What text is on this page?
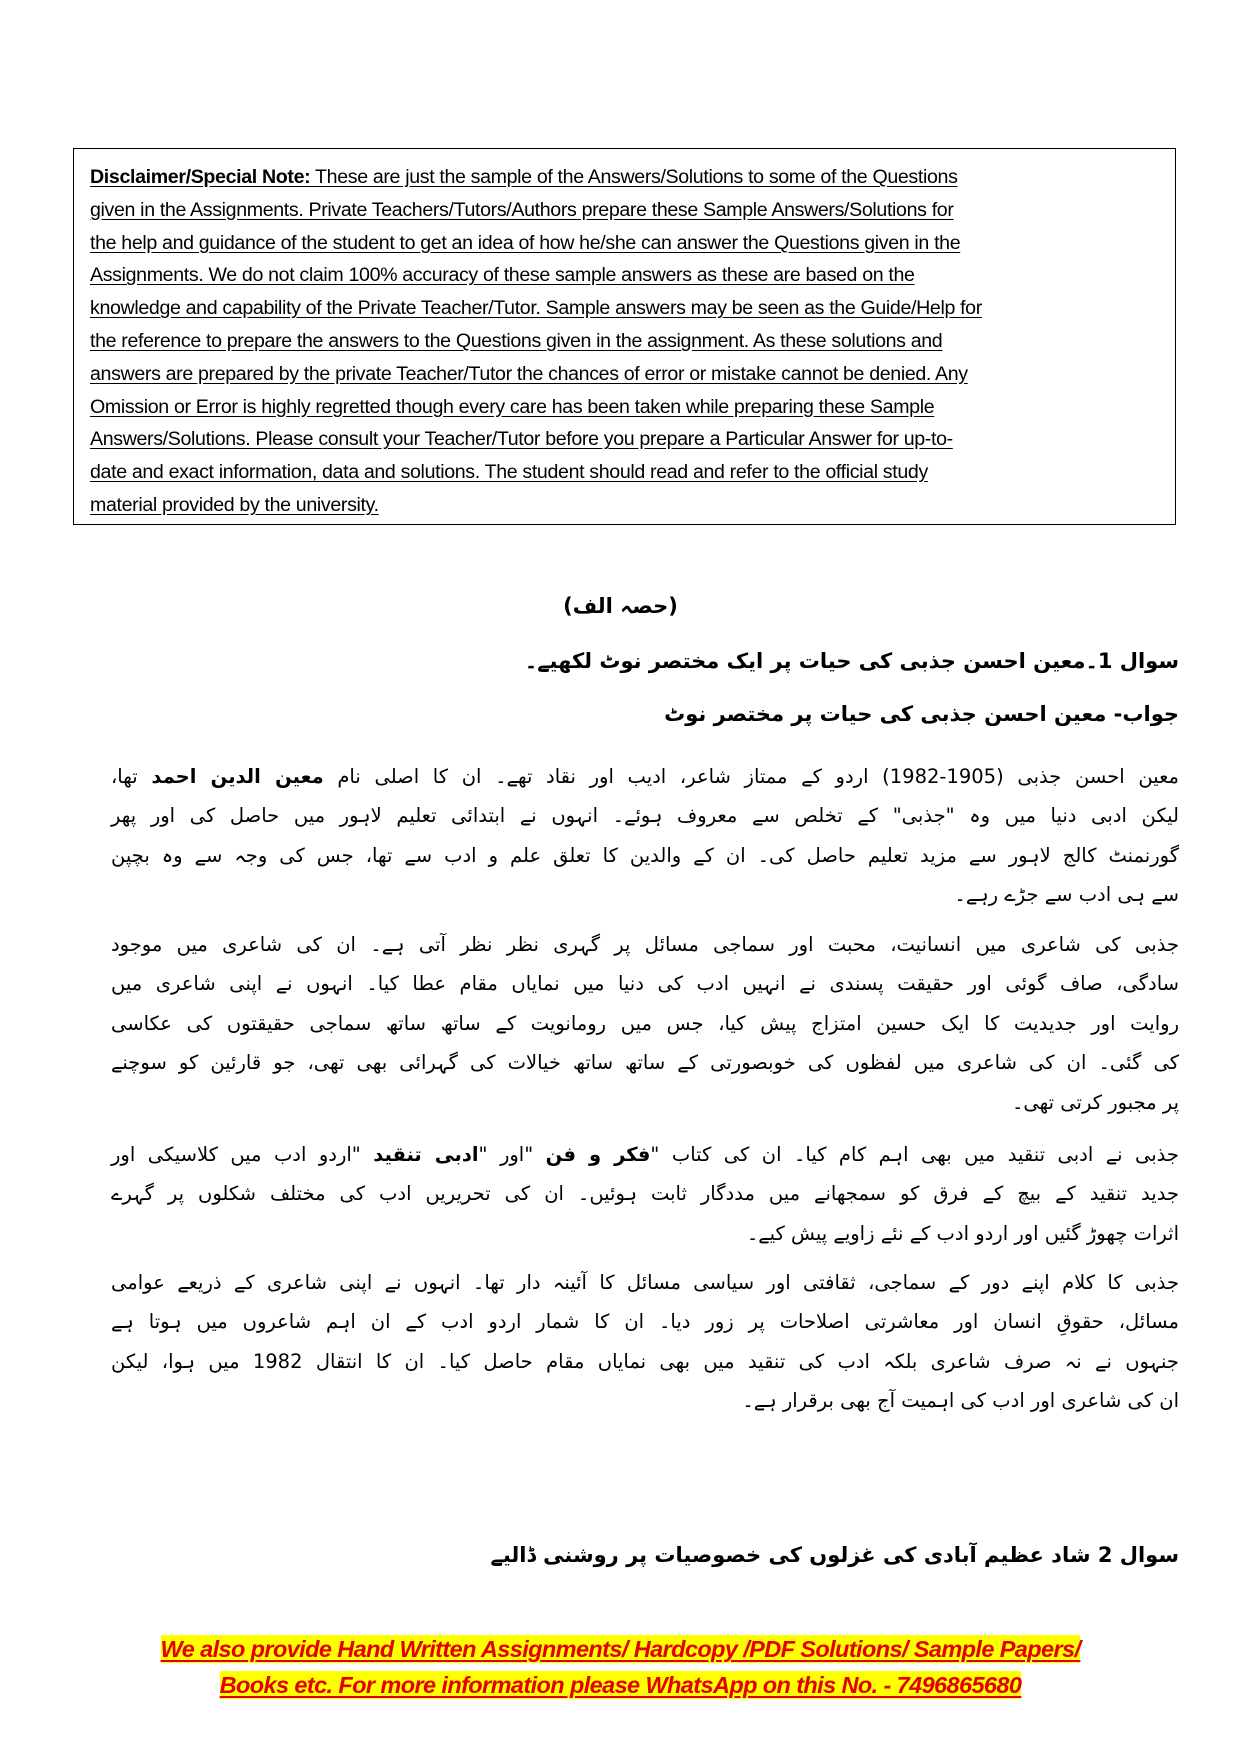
Disclaimer/Special Note: These are just the sample of the Answers/Solutions to some of the Questions
given in the Assignments. Private Teachers/Tutors/Authors prepare these Sample Answers/Solutions for
the help and guidance of the student to get an idea of how he/she can answer the Questions given in the
Assignments. We do not claim 100% accuracy of these sample answers as these are based on the
knowledge and capability of the Private Teacher/Tutor. Sample answers may be seen as the Guide/Help for
the reference to prepare the answers to the Questions given in the assignment. As these solutions and
answers are prepared by the private Teacher/Tutor the chances of error or mistake cannot be denied. Any
Omission or Error is highly regretted though every care has been taken while preparing these Sample
Answers/Solutions. Please consult your Teacher/Tutor before you prepare a Particular Answer for up-to-
date and exact information, data and solutions. The student should read and refer to the official study
material provided by the university.
(حصہ الف)
سوال 1۔معین احسن جذبی کی حیات پر ایک مختصر نوٹ لکھیے۔
جواب- معین احسن جذبی کی حیات پر مختصر نوٹ
معین احسن جذبی (1905-1982) اردو کے ممتاز شاعر، ادیب اور نقاد تھے۔ ان کا اصلی نام معین الدین احمد تھا،
لیکن ادبی دنیا میں وہ "جذبی" کے تخلص سے معروف ہوئے۔ انہوں نے ابتدائی تعلیم لاہور میں حاصل کی اور پھر
گورنمنٹ کالج لاہور سے مزید تعلیم حاصل کی۔ ان کے والدین کا تعلق علم و ادب سے تھا، جس کی وجہ سے وہ بچپن
سے ہی ادب سے جڑے رہے۔
جذبی کی شاعری میں انسانیت، محبت اور سماجی مسائل پر گہری نظر نظر آتی ہے۔ ان کی شاعری میں موجود
سادگی، صاف گوئی اور حقیقت پسندی نے انہیں ادب کی دنیا میں نمایاں مقام عطا کیا۔ انہوں نے اپنی شاعری میں
روایت اور جدیدیت کا ایک حسین امتزاج پیش کیا، جس میں رومانویت کے ساتھ ساتھ سماجی حقیقتوں کی عکاسی
کی گئی۔ ان کی شاعری میں لفظوں کی خوبصورتی کے ساتھ ساتھ خیالات کی گہرائی بھی تھی، جو قارئین کو سوچنے
پر مجبور کرتی تھی۔
جذبی نے ادبی تنقید میں بھی اہم کام کیا۔ ان کی کتاب "فکر و فن "اور "ادبی تنقید "اردو ادب میں کلاسیکی اور
جدید تنقید کے بیچ کے فرق کو سمجھانے میں مددگار ثابت ہوئیں۔ ان کی تحریریں ادب کی مختلف شکلوں پر گہرے
اثرات چھوڑ گئیں اور اردو ادب کے نئے زاویے پیش کیے۔
جذبی کا کلام اپنے دور کے سماجی، ثقافتی اور سیاسی مسائل کا آئینہ دار تھا۔ انہوں نے اپنی شاعری کے ذریعے عوامی
مسائل، حقوقِ انسان اور معاشرتی اصلاحات پر زور دیا۔ ان کا شمار اردو ادب کے ان اہم شاعروں میں ہوتا ہے
جنہوں نے نہ صرف شاعری بلکہ ادب کی تنقید میں بھی نمایاں مقام حاصل کیا۔ ان کا انتقال 1982 میں ہوا، لیکن
ان کی شاعری اور ادب کی اہمیت آج بھی برقرار ہے۔
سوال 2 شاد عظیم آبادی کی غزلوں کی خصوصیات پر روشنی ڈالیے
We also provide Hand Written Assignments/ Hardcopy /PDF Solutions/ Sample Papers/
Books etc. For more information please WhatsApp on this No. - 7496865680
